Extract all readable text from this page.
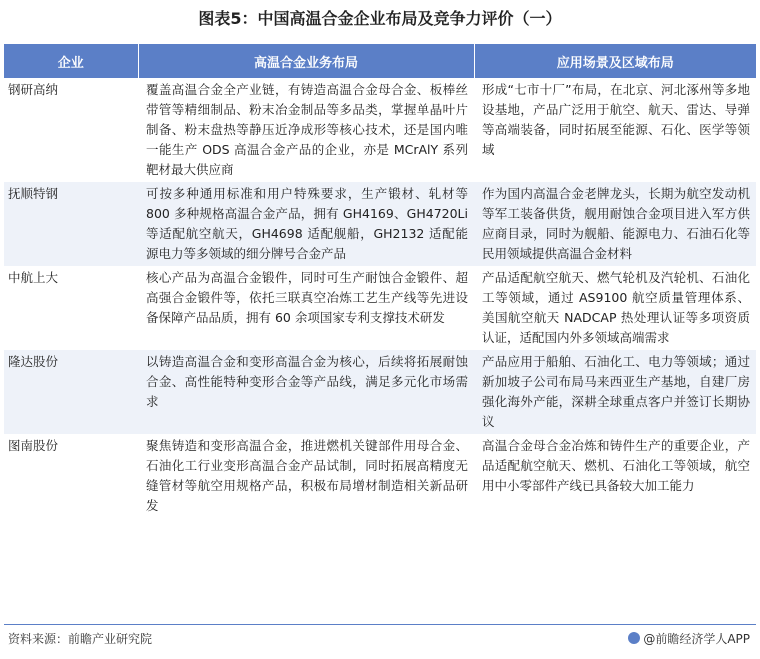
图表5：中国高温合金企业布局及竞争力评价（一）
企业	高温合金业务布局	应用场景及区域布局
钢研高纳	覆盖高温合金全产业链，有铸造高温合金母合金、板棒丝带管等精细制品、粉末冶金制品等多品类，掌握单晶叶片制备、粉末盘热等静压近净成形等核心技术，还是国内唯一能生产 ODS 高温合金产品的企业，亦是 MCrAlY 系列靶材最大供应商	形成“七市十厂”布局，在北京、河北涿州等多地设基地，产品广泛用于航空、航天、雷达、导弹等高端装备，同时拓展至能源、石化、医学等领域
抚顺特钢	可按多种通用标准和用户特殊要求，生产锻材、轧材等 800 多种规格高温合金产品，拥有 GH4169、GH4720Li 等适配航空航天，GH4698 适配舰船，GH2132 适配能源电力等多领域的细分牌号合金产品	作为国内高温合金老牌龙头，长期为航空发动机等军工装备供货，舰用耐蚀合金项目进入军方供应商目录，同时为舰船、能源电力、石油石化等民用领域提供高温合金材料
中航上大	核心产品为高温合金锻件，同时可生产耐蚀合金锻件、超高强合金锻件等，依托三联真空冶炼工艺生产线等先进设备保障产品品质，拥有 60 余项国家专利支撑技术研发	产品适配航空航天、燃气轮机及汽轮机、石油化工等领域，通过 AS9100 航空质量管理体系、美国航空航天 NADCAP 热处理认证等多项资质认证，适配国内外多领域高端需求
隆达股份	以铸造高温合金和变形高温合金为核心，后续将拓展耐蚀合金、高性能特种变形合金等产品线，满足多元化市场需求	产品应用于船舶、石油化工、电力等领域；通过新加坡子公司布局马来西亚生产基地，自建厂房强化海外产能，深耕全球重点客户并签订长期协议
图南股份	聚焦铸造和变形高温合金，推进燃机关键部件用母合金、石油化工行业变形高温合金产品试制，同时拓展高精度无缝管材等航空用规格产品，积极布局增材制造相关新品研发	高温合金母合金冶炼和铸件生产的重要企业，产品适配航空航天、燃机、石油化工等领域，航空用中小零部件产线已具备较大加工能力
资料来源：前瞻产业研究院	@前瞻经济学人APP
